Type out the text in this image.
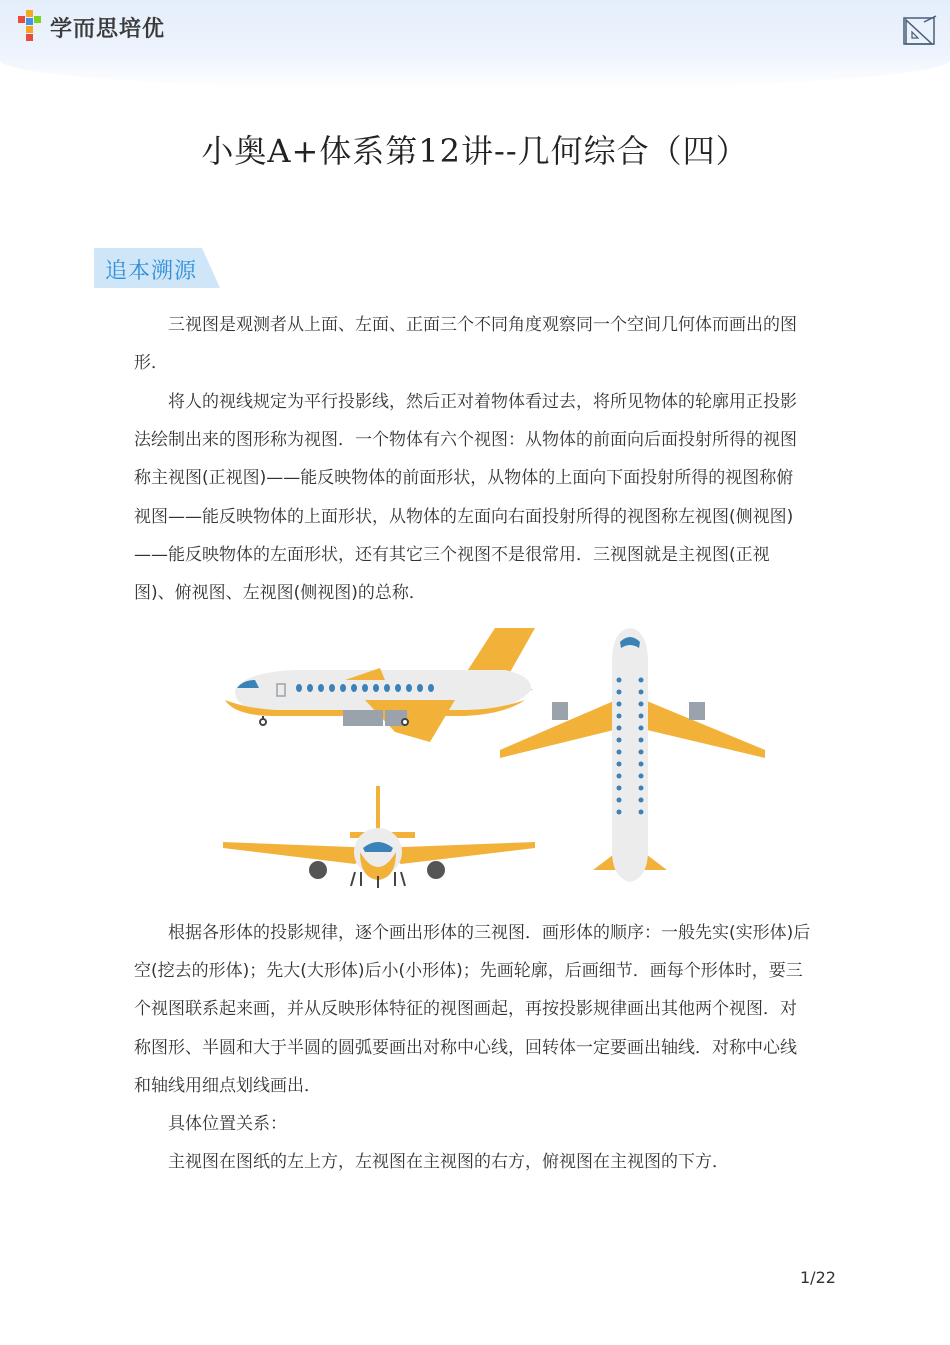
学而思培优
小奥A+体系第12讲--几何综合（四）
追本溯源
三视图是观测者从上面、左面、正面三个不同角度观察同一个空间几何体而画出的图
形．
将人的视线规定为平行投影线，然后正对着物体看过去，将所见物体的轮廓用正投影
法绘制出来的图形称为视图．一个物体有六个视图：从物体的前面向后面投射所得的视图
称主视图(正视图)——能反映物体的前面形状，从物体的上面向下面投射所得的视图称俯
视图——能反映物体的上面形状，从物体的左面向右面投射所得的视图称左视图(侧视图)
——能反映物体的左面形状，还有其它三个视图不是很常用．三视图就是主视图(正视
图)、俯视图、左视图(侧视图)的总称．
根据各形体的投影规律，逐个画出形体的三视图．画形体的顺序：一般先实(实形体)后
空(挖去的形体)；先大(大形体)后小(小形体)；先画轮廓，后画细节．画每个形体时，要三
个视图联系起来画，并从反映形体特征的视图画起，再按投影规律画出其他两个视图．对
称图形、半圆和大于半圆的圆弧要画出对称中心线，回转体一定要画出轴线．对称中心线
和轴线用细点划线画出．
具体位置关系：
主视图在图纸的左上方，左视图在主视图的右方，俯视图在主视图的下方．
1/22
